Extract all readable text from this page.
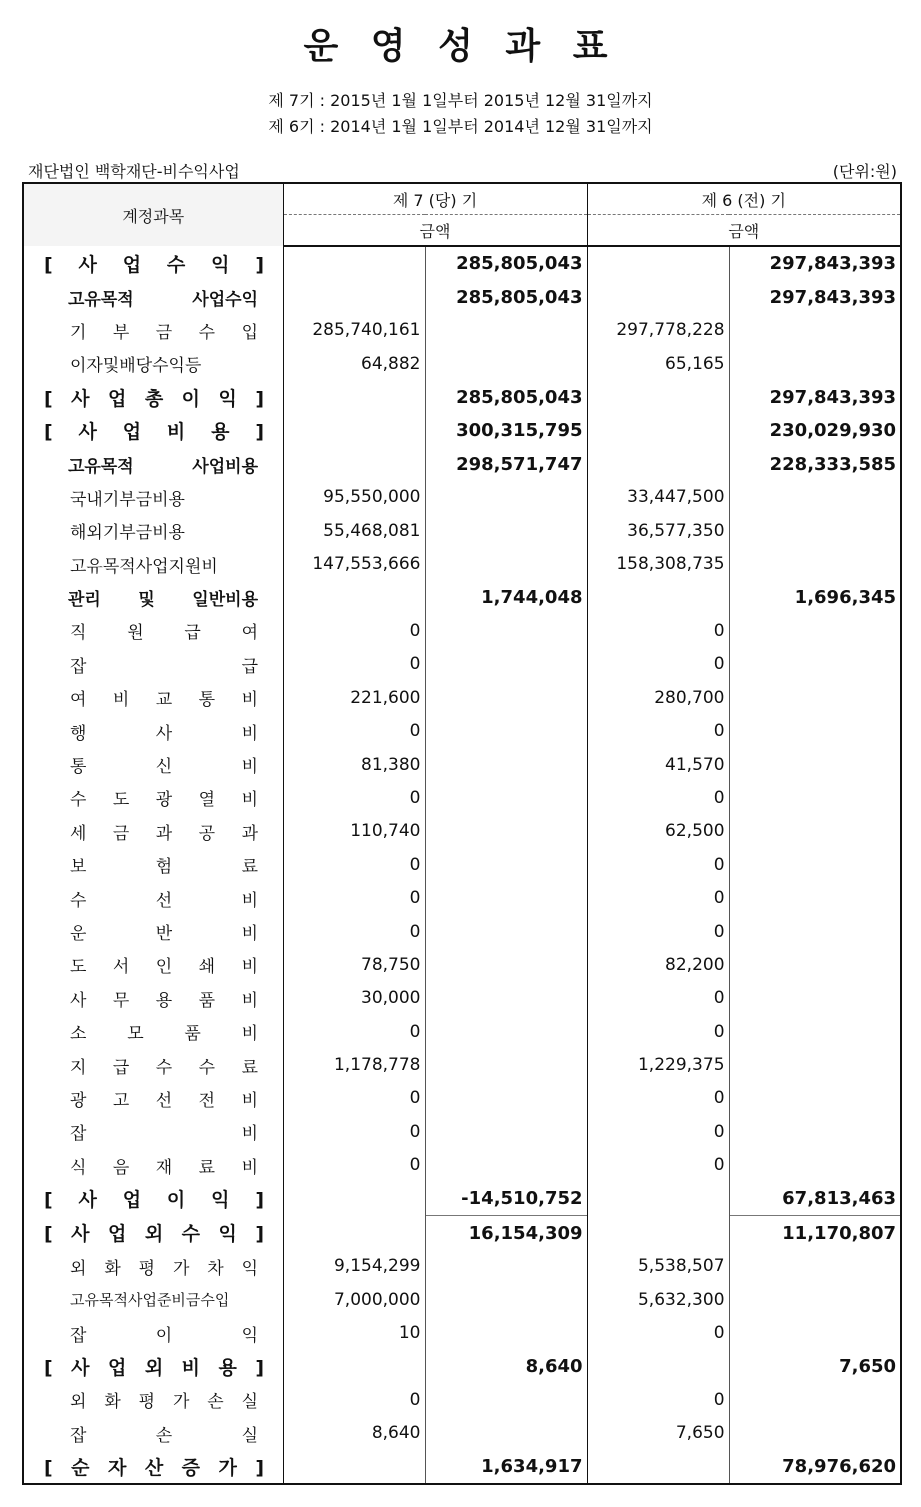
운 영 성 과 표
제 7기 : 2015년 1월 1일부터 2015년 12월 31일까지
제 6기 : 2014년 1월 1일부터 2014년 12월 31일까지
재단법인 백학재단-비수익사업	(단위:원)
계정과목	제 7 (당) 기		제 6 (전) 기	
	금액		금액	
[ 사 업 수 익 ]		285,805,043		297,843,393
고유목적 사업수익		285,805,043		297,843,393
기 부 금 수 입	285,740,161		297,778,228	
이자및배당수익등	64,882		65,165	
[ 사 업 총 이 익 ]		285,805,043		297,843,393
[ 사 업 비 용 ]		300,315,795		230,029,930
고유목적 사업비용		298,571,747		228,333,585
국내기부금비용	95,550,000		33,447,500	
해외기부금비용	55,468,081		36,577,350	
고유목적사업지원비	147,553,666		158,308,735	
관리 및 일반비용		1,744,048		1,696,345
직 원 급 여	0		0	
잡 급	0		0	
여 비 교 통 비	221,600		280,700	
행 사 비	0		0	
통 신 비	81,380		41,570	
수 도 광 열 비	0		0	
세 금 과 공 과	110,740		62,500	
보 험 료	0		0	
수 선 비	0		0	
운 반 비	0		0	
도 서 인 쇄 비	78,750		82,200	
사 무 용 품 비	30,000		0	
소 모 품 비	0		0	
지 급 수 수 료	1,178,778		1,229,375	
광 고 선 전 비	0		0	
잡 비	0		0	
식 음 재 료 비	0		0	
[ 사 업 이 익 ]		-14,510,752		67,813,463
[ 사 업 외 수 익 ]		16,154,309		11,170,807
외 화 평 가 차 익	9,154,299		5,538,507	
고유목적사업준비금수입	7,000,000		5,632,300	
잡 이 익	10		0	
[ 사 업 외 비 용 ]		8,640		7,650
외 화 평 가 손 실	0		0	
잡 손 실	8,640		7,650	
[ 순 자 산 증 가 ]		1,634,917		78,976,620
